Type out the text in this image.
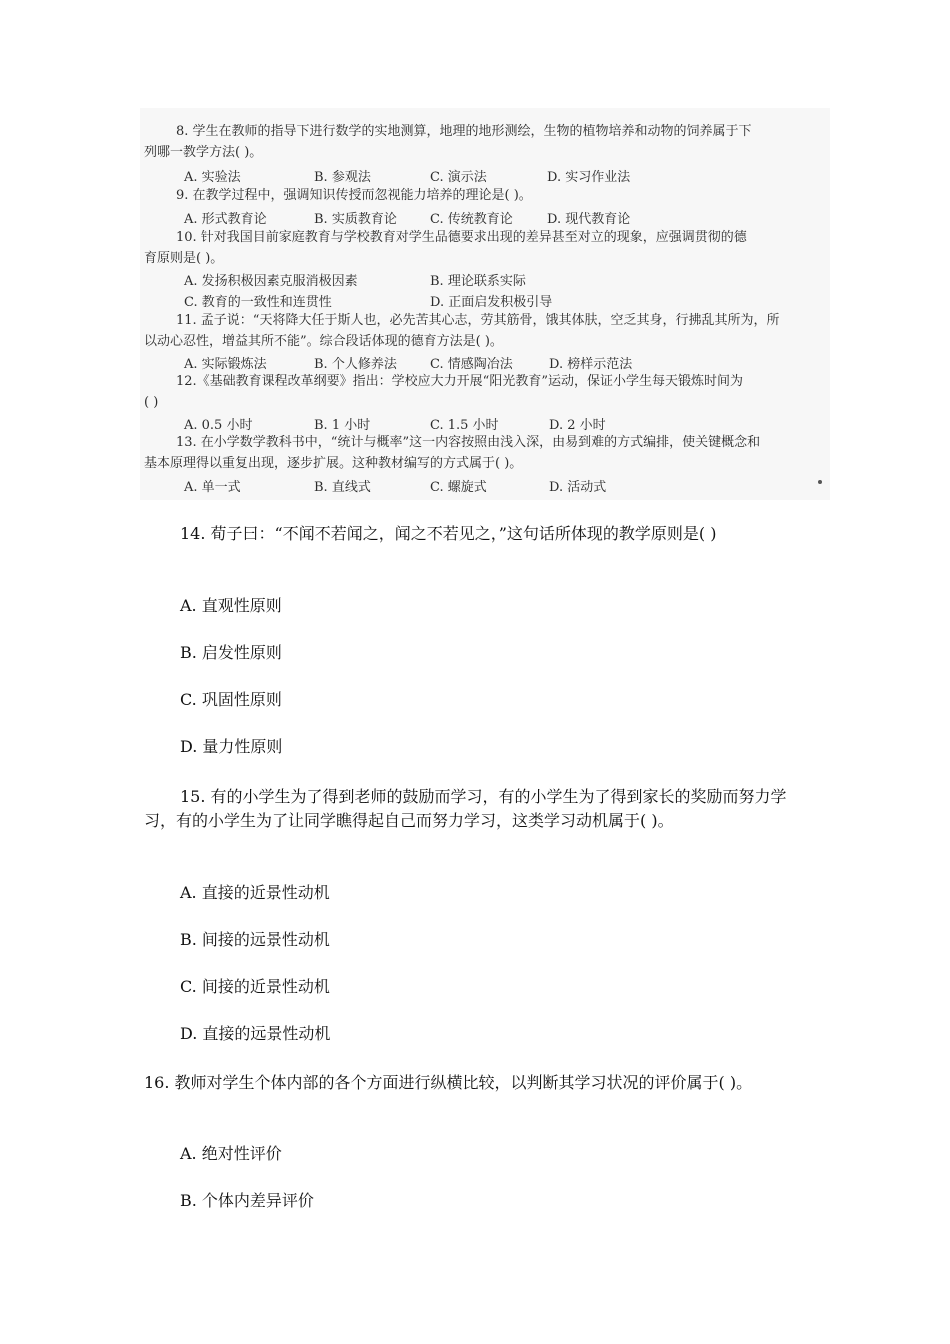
8. 学生在教师的指导下进行数学的实地测算，地理的地形测绘，生物的植物培养和动物的饲养属于下
列哪一教学方法( )。
A. 实验法	B. 参观法	C. 演示法	D. 实习作业法
9. 在教学过程中，强调知识传授而忽视能力培养的理论是( )。
A. 形式教育论	B. 实质教育论	C. 传统教育论	D. 现代教育论
10. 针对我国目前家庭教育与学校教育对学生品德要求出现的差异甚至对立的现象，应强调贯彻的德
育原则是( )。
A. 发扬积极因素克服消极因素	B. 理论联系实际
C. 教育的一致性和连贯性	D. 正面启发积极引导
11. 孟子说：“天将降大任于斯人也，必先苦其心志，劳其筋骨，饿其体肤，空乏其身，行拂乱其所为，所
以动心忍性，增益其所不能”。综合段话体现的德育方法是( )。
A. 实际锻炼法	B. 个人修养法	C. 情感陶冶法	D. 榜样示范法
12.《基础教育课程改革纲要》指出：学校应大力开展“阳光教育”运动，保证小学生每天锻炼时间为
( )
A. 0.5 小时	B. 1 小时	C. 1.5 小时	D. 2 小时
13. 在小学数学教科书中，“统计与概率”这一内容按照由浅入深，由易到难的方式编排，使关键概念和
基本原理得以重复出现，逐步扩展。这种教材编写的方式属于( )。
A. 单一式	B. 直线式	C. 螺旋式	D. 活动式
14. 荀子曰：“不闻不若闻之，闻之不若见之，”这句话所体现的教学原则是( )
A. 直观性原则
B. 启发性原则
C. 巩固性原则
D. 量力性原则
15. 有的小学生为了得到老师的鼓励而学习，有的小学生为了得到家长的奖励而努力学习，有的小学生为了让同学瞧得起自己而努力学习，这类学习动机属于( )。
A. 直接的近景性动机
B. 间接的远景性动机
C. 间接的近景性动机
D. 直接的远景性动机
16. 教师对学生个体内部的各个方面进行纵横比较，以判断其学习状况的评价属于( )。
A. 绝对性评价
B. 个体内差异评价
